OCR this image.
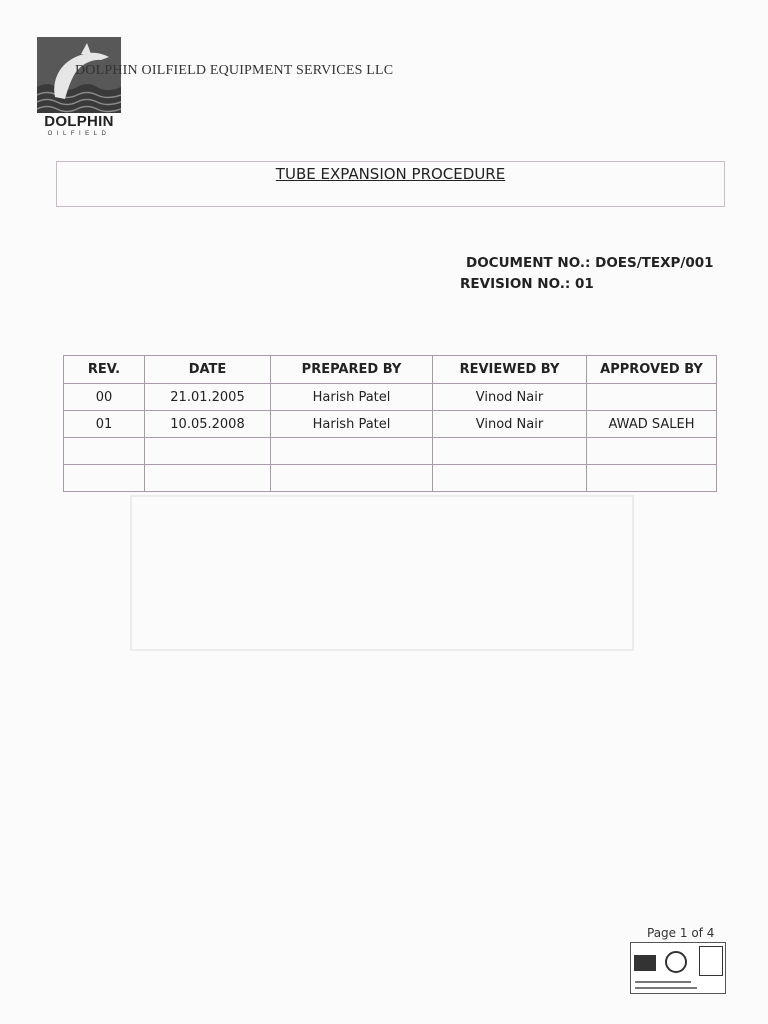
DOLPHIN
OILFIELD
DOLPHIN OILFIELD EQUIPMENT SERVICES LLC
TUBE EXPANSION PROCEDURE
DOCUMENT NO.: DOES/TEXP/001
REVISION NO.: 01
REV.	DATE	PREPARED BY	REVIEWED BY	APPROVED BY
00	21.01.2005	Harish Patel	Vinod Nair	
01	10.05.2008	Harish Patel	Vinod Nair	AWAD SALEH

Page 1 of 4
